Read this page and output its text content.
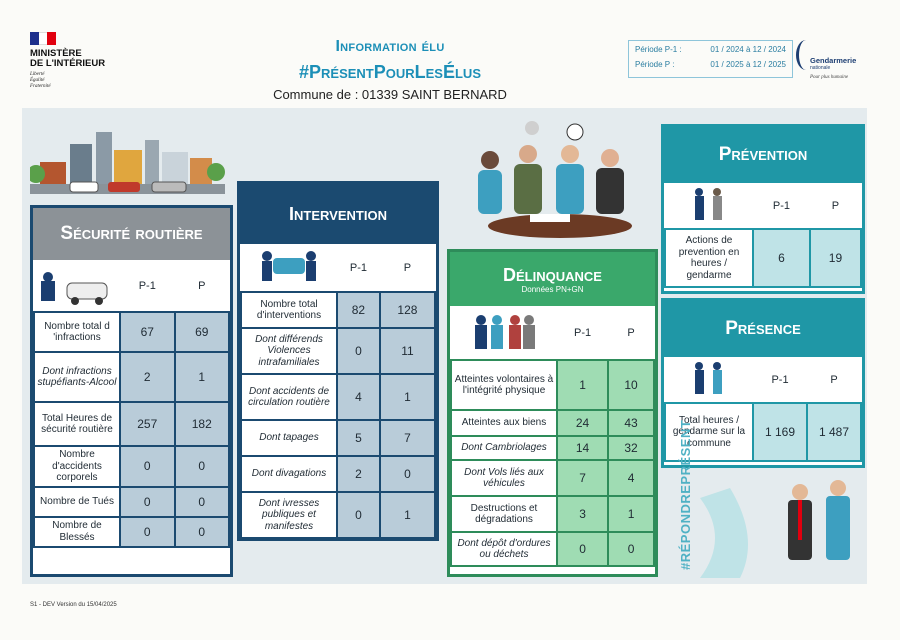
MINISTÈRE
DE L'INTÉRIEUR
Liberté
Égalité
Fraternité
Information élu
#PrésentPourLesÉlus
Commune de : 01339 SAINT BERNARD
Période P-1 :	01 / 2024 à 12 / 2024
Période P :	01 / 2025 à 12 / 2025	Gendarmerie
nationale
Pour plus humaine
Sécurité routière
	P-1	P
Nombre total d 'infractions	67	69
Dont infractions stupéfiants-Alcool	2	1
Total Heures de sécurité routière	257	182
Nombre d'accidents corporels	0	0
Nombre de Tués	0	0
Nombre de Blessés	0	0
Intervention
	P-1	P
Nombre total d'interventions	82	128
Dont différends Violences intrafamiliales	0	11
Dont accidents de circulation routière	4	1
Dont tapages	5	7
Dont divagations	2	0
Dont ivresses publiques et manifestes	0	1
Délinquance
Données PN+GN
	P-1	P
Atteintes volontaires à l'intégrité physique	1	10
Atteintes aux biens	24	43
Dont Cambriolages	14	32
Dont Vols liés aux véhicules	7	4
Destructions et dégradations	3	1
Dont dépôt d'ordures ou déchets	0	0
Prévention
	P-1	P
Actions de prevention en heures / gendarme	6	19
Présence
	P-1	P
Total heures / gendarme sur la commune	1 169	1 487
#RÉPONDREPRÉSENT
S1 - DEV Version du 15/04/2025
